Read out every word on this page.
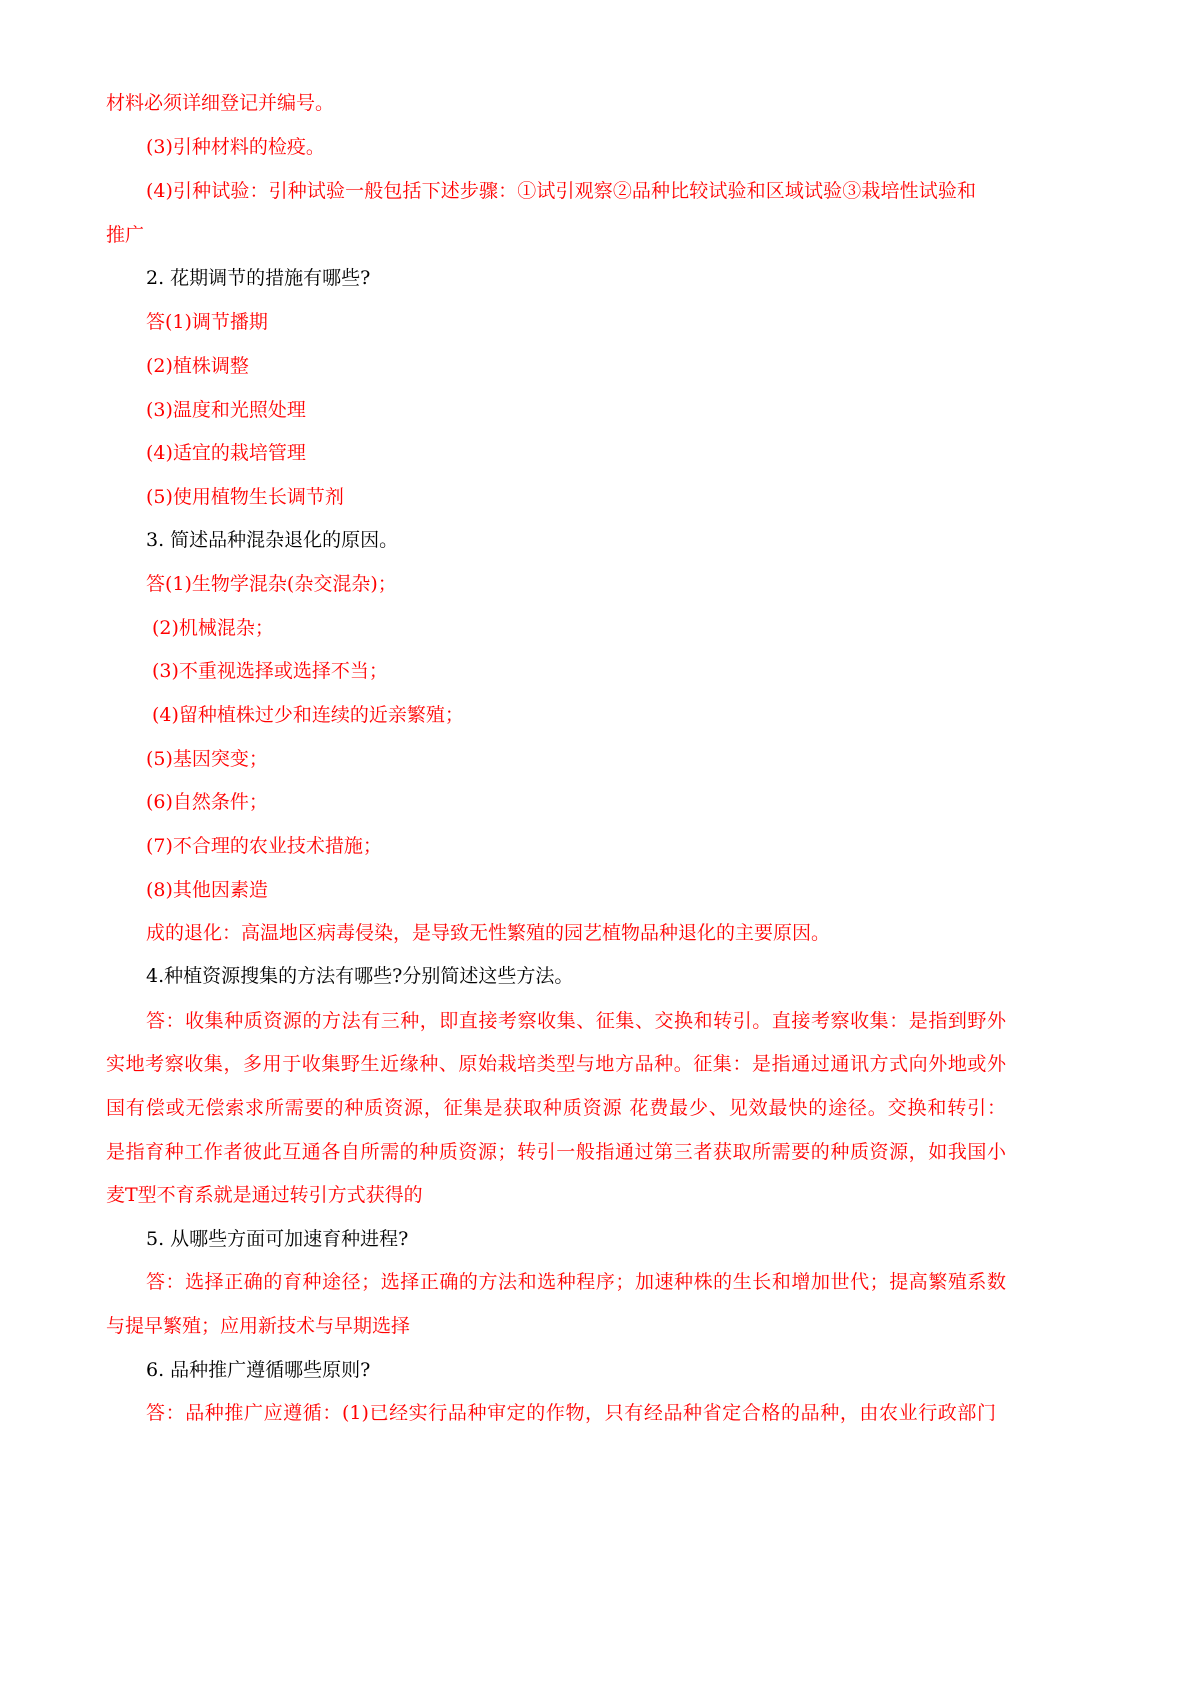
材料必须详细登记并编号。
(3)引种材料的检疫。
(4)引种试验：引种试验一般包括下述步骤：①试引观察②品种比较试验和区域试验③栽培性试验和
推广
2. 花期调节的措施有哪些?
答(1)调节播期
(2)植株调整
(3)温度和光照处理
(4)适宜的栽培管理
(5)使用植物生长调节剂
3. 简述品种混杂退化的原因。
答(1)生物学混杂(杂交混杂)；
(2)机械混杂；
(3)不重视选择或选择不当；
(4)留种植株过少和连续的近亲繁殖；
(5)基因突变；
(6)自然条件；
(7)不合理的农业技术措施；
(8)其他因素造
成的退化：高温地区病毒侵染，是导致无性繁殖的园艺植物品种退化的主要原因。
4.种植资源搜集的方法有哪些?分别简述这些方法。
答：收集种质资源的方法有三种，即直接考察收集、征集、交换和转引。直接考察收集：是指到野外
实地考察收集，多用于收集野生近缘种、原始栽培类型与地方品种。征集：是指通过通讯方式向外地或外
国有偿或无偿索求所需要的种质资源，征集是获取种质资源 花费最少、见效最快的途径。交换和转引：
是指育种工作者彼此互通各自所需的种质资源；转引一般指通过第三者获取所需要的种质资源，如我国小
麦T型不育系就是通过转引方式获得的
5. 从哪些方面可加速育种进程?
答：选择正确的育种途径；选择正确的方法和选种程序；加速种株的生长和增加世代；提高繁殖系数
与提早繁殖；应用新技术与早期选择
6. 品种推广遵循哪些原则?
答：品种推广应遵循：(1)已经实行品种审定的作物，只有经品种省定合格的品种，由农业行政部门
